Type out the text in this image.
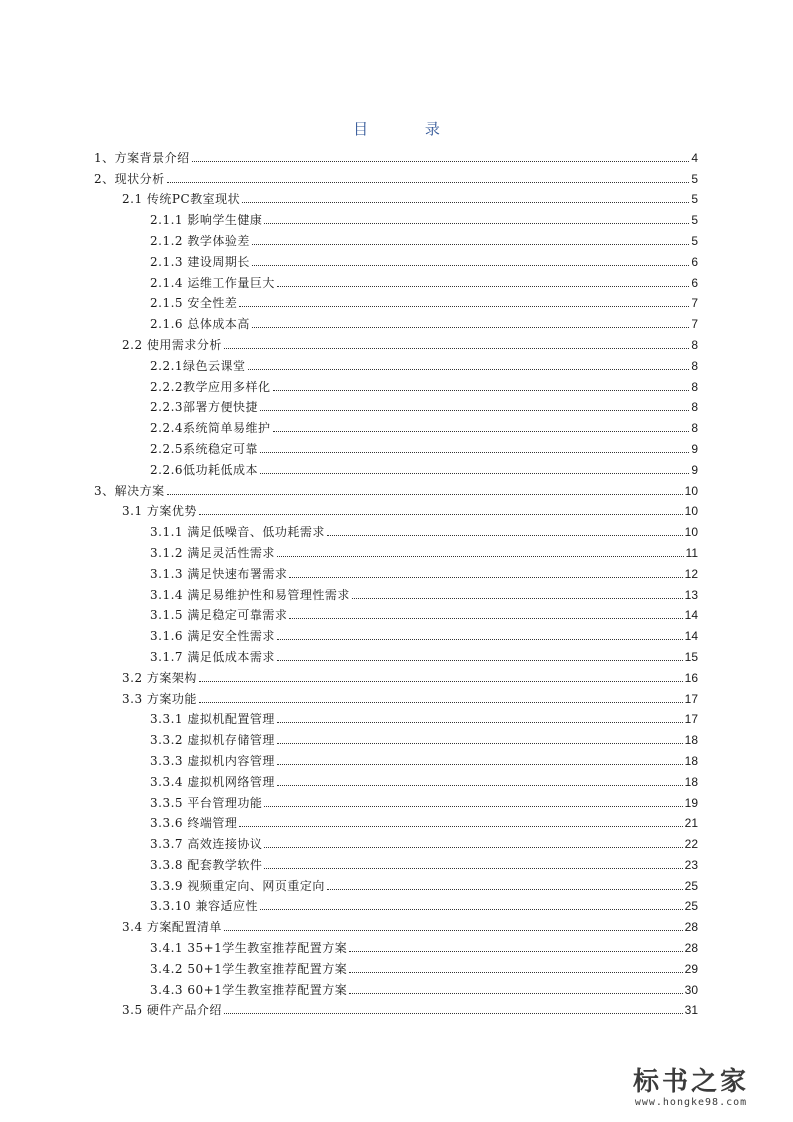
目 录
1、方案背景介绍	4
2、现状分析	5
2.1 传统PC教室现状	5
2.1.1 影响学生健康	5
2.1.2 教学体验差	5
2.1.3 建设周期长	6
2.1.4 运维工作量巨大	6
2.1.5 安全性差	7
2.1.6 总体成本高	7
2.2 使用需求分析	8
2.2.1绿色云课堂	8
2.2.2教学应用多样化	8
2.2.3部署方便快捷	8
2.2.4系统简单易维护	8
2.2.5系统稳定可靠	9
2.2.6低功耗低成本	9
3、解决方案	10
3.1 方案优势	10
3.1.1 满足低噪音、低功耗需求	10
3.1.2 满足灵活性需求	11
3.1.3 满足快速布署需求	12
3.1.4 满足易维护性和易管理性需求	13
3.1.5 满足稳定可靠需求	14
3.1.6 满足安全性需求	14
3.1.7 满足低成本需求	15
3.2 方案架构	16
3.3 方案功能	17
3.3.1 虚拟机配置管理	17
3.3.2 虚拟机存储管理	18
3.3.3 虚拟机内容管理	18
3.3.4 虚拟机网络管理	18
3.3.5 平台管理功能	19
3.3.6 终端管理	21
3.3.7 高效连接协议	22
3.3.8 配套教学软件	23
3.3.9 视频重定向、网页重定向	25
3.3.10 兼容适应性	25
3.4 方案配置清单	28
3.4.1 35+1学生教室推荐配置方案	28
3.4.2 50+1学生教室推荐配置方案	29
3.4.3 60+1学生教室推荐配置方案	30
3.5 硬件产品介绍	31
标书之家
www.hongke98.com
